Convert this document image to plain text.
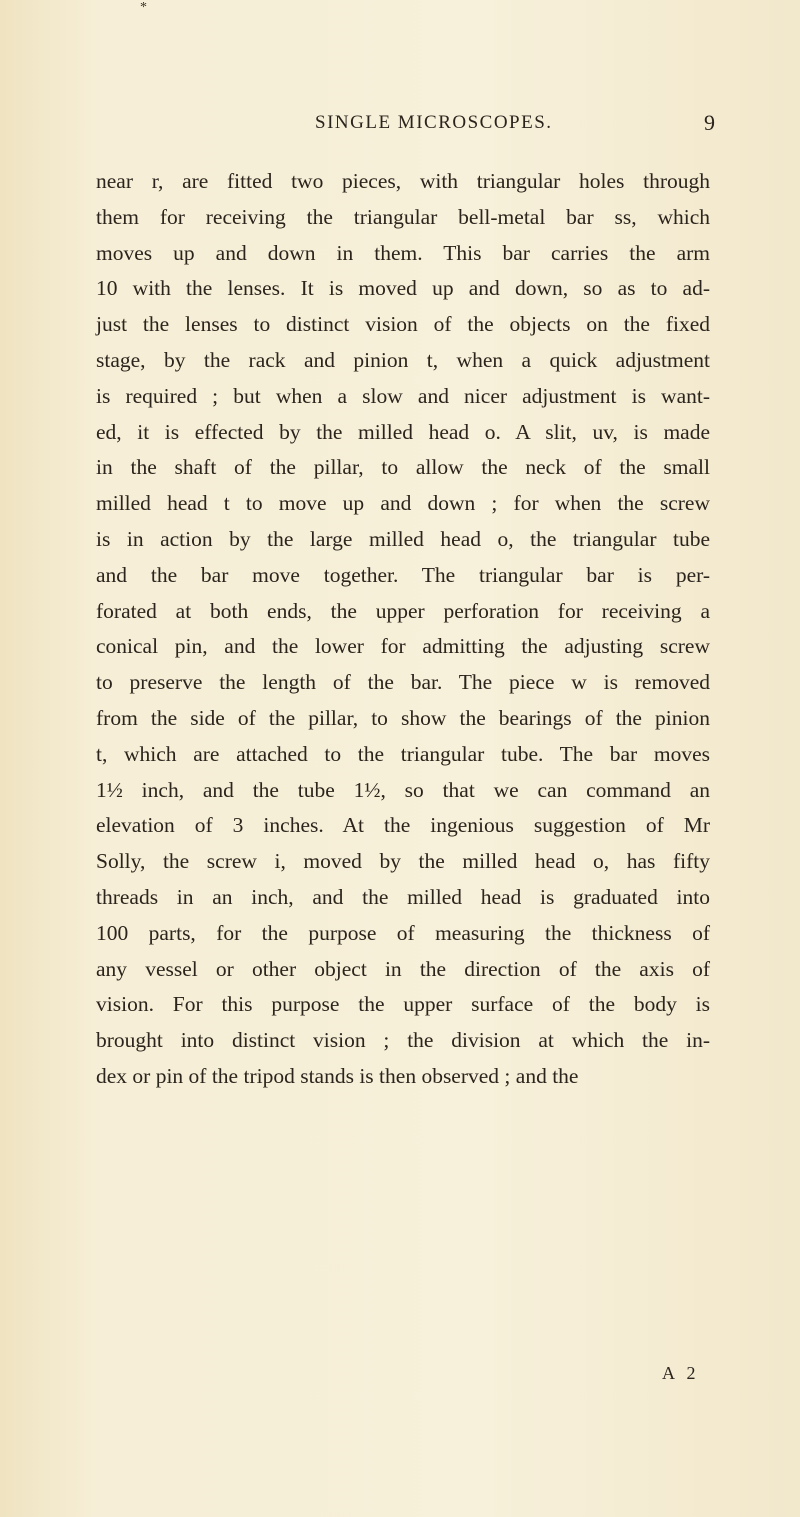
*
SINGLE MICROSCOPES.	9
near r, are fitted two pieces, with triangular holes through
them for receiving the triangular bell-metal bar ss, which
moves up and down in them. This bar carries the arm
10 with the lenses. It is moved up and down, so as to ad-
just the lenses to distinct vision of the objects on the fixed
stage, by the rack and pinion t, when a quick adjustment
is required ; but when a slow and nicer adjustment is want-
ed, it is effected by the milled head o. A slit, uv, is made
in the shaft of the pillar, to allow the neck of the small
milled head t to move up and down ; for when the screw
is in action by the large milled head o, the triangular tube
and the bar move together. The triangular bar is per-
forated at both ends, the upper perforation for receiving a
conical pin, and the lower for admitting the adjusting screw
to preserve the length of the bar. The piece w is removed
from the side of the pillar, to show the bearings of the pinion
t, which are attached to the triangular tube. The bar moves
1½ inch, and the tube 1½, so that we can command an
elevation of 3 inches. At the ingenious suggestion of Mr
Solly, the screw i, moved by the milled head o, has fifty
threads in an inch, and the milled head is graduated into
100 parts, for the purpose of measuring the thickness of
any vessel or other object in the direction of the axis of
vision. For this purpose the upper surface of the body is
brought into distinct vision ; the division at which the in-
dex or pin of the tripod stands is then observed ; and the
A 2
